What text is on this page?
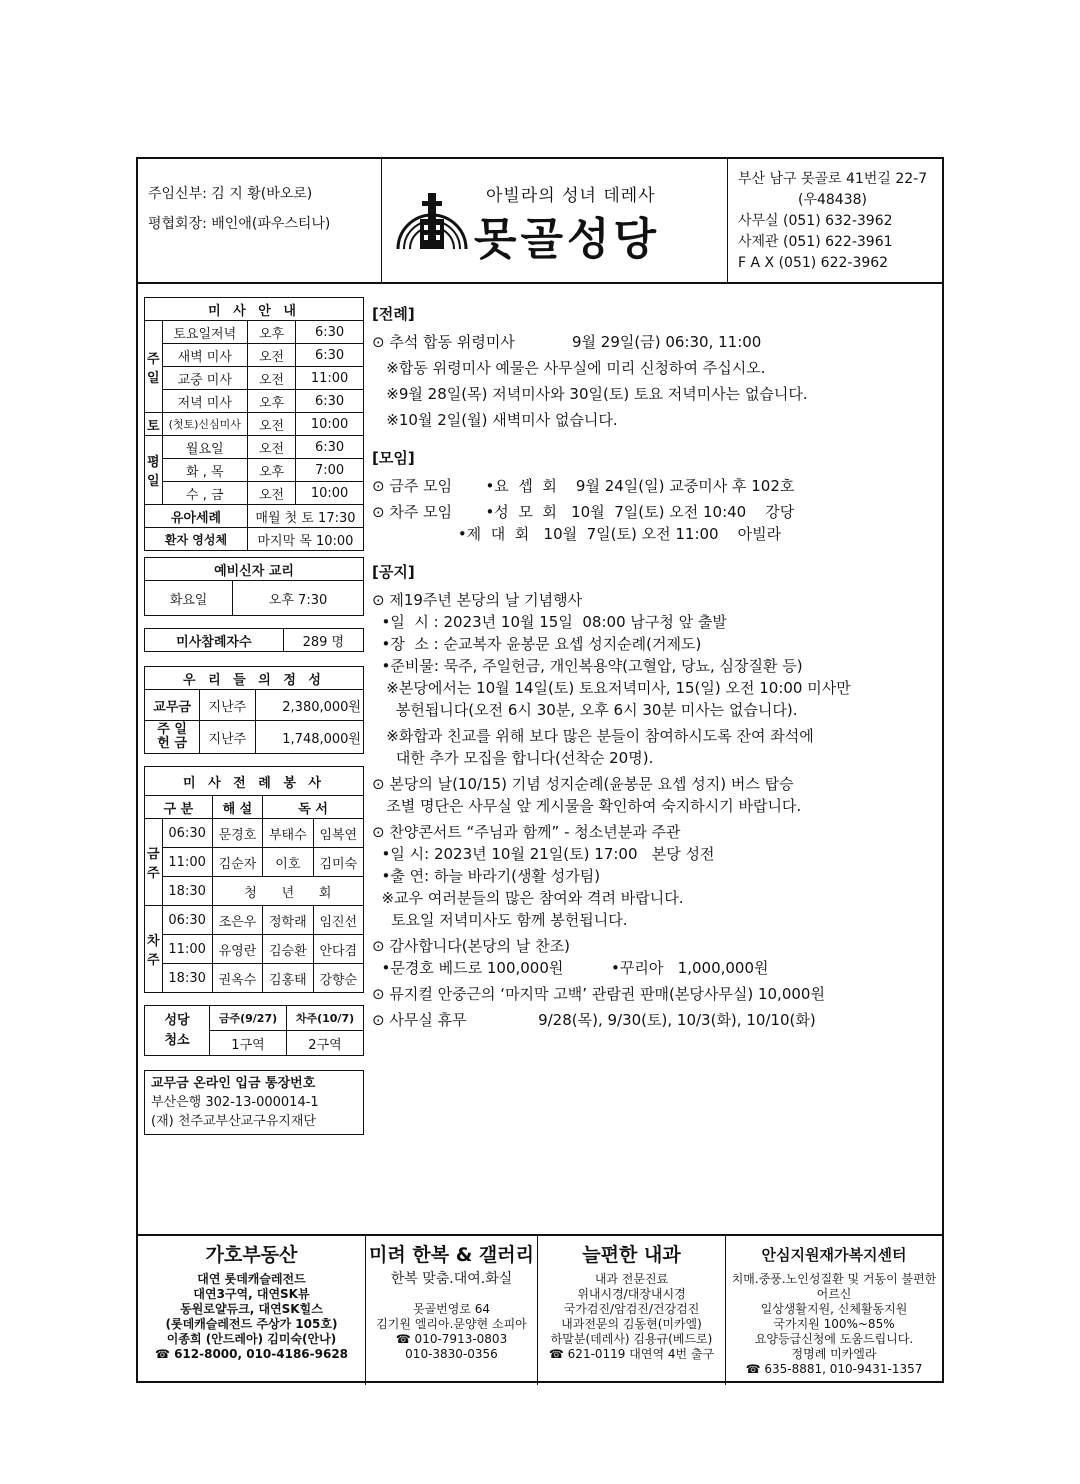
주임신부: 김 지 황(바오로)
평협회장: 배인애(파우스티나)
아빌라의 성녀 데레사
못골성당
부산 남구 못골로 41번길 22-7
(우48438)
사무실 (051) 632-3962
사제관 (051) 622-3961
F A X (051) 622-3962
미 사 안 내			
주일	토요일저녁	오후	6:30
	새벽 미사	오전	6:30
	교중 미사	오전	11:00
	저녁 미사	오후	6:30
토	(첫토)신심미사	오전	10:00
평일	월요일	오전	6:30
	화 , 목	오후	7:00
	수 , 금	오전	10:00
유아세례		매월 첫 토 17:30	
환자 영성체		마지막 목 10:00	
예비신자 교리
화요일	오후 7:30
미사참례자수	289 명
우 리 들 의 정 성		
교무금	지난주	2,380,000원
주 일
헌 금	지난주	1,748,000원
미 사 전 례 봉 사				
구 분		해 설	독 서	
금주	06:30	문경호	부태수	임복연
	11:00	김순자	이호	김미숙
	18:30	청      년      회		
차주	06:30	조은우	정학래	임진선
	11:00	유영란	김승환	안다겸
	18:30	권옥수	김홍태	강향순
성당
청소	금주(9/27)	차주(10/7)
	1구역	2구역
교무금 온라인 입금 통장번호
부산은행 302-13-000014-1
(재) 천주교부산교구유지재단
[전례]
⊙ 추석 합동 위령미사            9월 29일(금) 06:30, 11:00
※합동 위령미사 예물은 사무실에 미리 신청하여 주십시오.
※9월 28일(목) 저녁미사와 30일(토) 토요 저녁미사는 없습니다.
※10월 2일(월) 새벽미사 없습니다.
[모임]
⊙ 금주 모임       •요  셉  회    9월 24일(일) 교중미사 후 102호
⊙ 차주 모임       •성  모  회   10월  7일(토) 오전 10:40    강당
•제  대  회   10월  7일(토) 오전 11:00    아빌라
[공지]
⊙ 제19주년 본당의 날 기념행사
•일  시 : 2023년 10월 15일  08:00 남구청 앞 출발
•장  소 : 순교복자 윤봉문 요셉 성지순례(거제도)
•준비물: 묵주, 주일헌금, 개인복용약(고혈압, 당뇨, 심장질환 등)
※본당에서는 10월 14일(토) 토요저녁미사, 15(일) 오전 10:00 미사만
봉헌됩니다(오전 6시 30분, 오후 6시 30분 미사는 없습니다).
※화합과 친교를 위해 보다 많은 분들이 참여하시도록 잔여 좌석에
대한 추가 모집을 합니다(선착순 20명).
⊙ 본당의 날(10/15) 기념 성지순례(윤봉문 요셉 성지) 버스 탑승
조별 명단은 사무실 앞 게시물을 확인하여 숙지하시기 바랍니다.
⊙ 찬양콘서트 “주님과 함께” - 청소년분과 주관
•일 시: 2023년 10월 21일(토) 17:00   본당 성전
•출 연: 하늘 바라기(생활 성가팀)
※교우 여러분들의 많은 참여와 격려 바랍니다.
토요일 저녁미사도 함께 봉헌됩니다.
⊙ 감사합니다(본당의 날 찬조)
•문경호 베드로 100,000원          •꾸리아   1,000,000원
⊙ 뮤지컬 안중근의 ‘마지막 고백’ 관람권 판매(본당사무실) 10,000원
⊙ 사무실 휴무               9/28(목), 9/30(토), 10/3(화), 10/10(화)
가호부동산
대연 롯데캐슬레전드
대연3구역, 대연SK뷰
동원로얄듀크, 대연SK힐스
(롯데캐슬레전드 주상가 105호)
이종희 (안드레아) 김미숙(안나)
☎ 612-8000, 010-4186-9628
미려 한복 & 갤러리
한복 맞춤.대여.화실

못골번영로 64
김기원 엘리아.문양현 소피아
☎ 010-7913-0803
010-3830-0356
늘편한 내과
내과 전문진료
위내시경/대장내시경
국가검진/암검진/건강검진
내과전문의 김동현(미카엘)
하말분(데레사) 김용규(베드로)
☎ 621-0119 대연역 4번 출구
안심지원재가복지센터
치매.중풍.노인성질환 및 거동이 불편한
어르신
일상생활지원, 신체활동지원
국가지원 100%~85%
요양등급신청에 도움드립니다.
정명례 미카엘라
☎ 635-8881, 010-9431-1357
